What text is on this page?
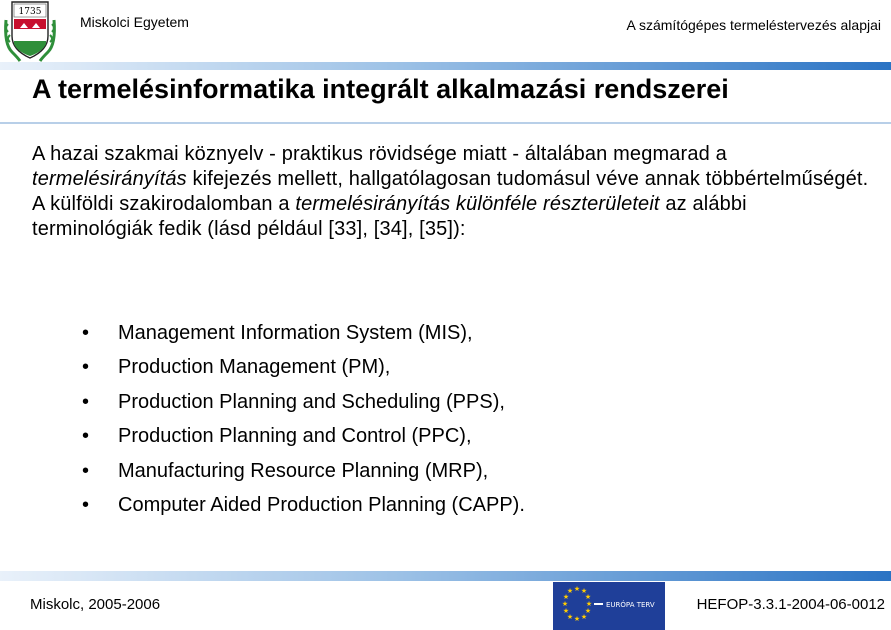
1735
Miskolci Egyetem	A számítógépes termeléstervezés alapjai
A termelésinformatika integrált alkalmazási rendszerei

A hazai szakmai köznyelv - praktikus rövidsége miatt - általában megmarad a termelésirányítás kifejezés mellett, hallgatólagosan tudomásul véve annak többértelműségét.

A külföldi szakirodalomban a termelésirányítás különféle részterületeit az alábbi terminológiák fedik (lásd például [33], [34], [35]):

•	Management Information System (MIS),
•	Production Management (PM),
•	Production Planning and Scheduling (PPS),
•	Production Planning and Control (PPC),
•	Manufacturing Resource Planning (MRP),
•	Computer Aided Production Planning (CAPP).
Miskolc, 2005-2006
★ ★
★
★
★
★
★
★
★
★
★
★
EURÓPA TERV	HEFOP-3.3.1-2004-06-0012
